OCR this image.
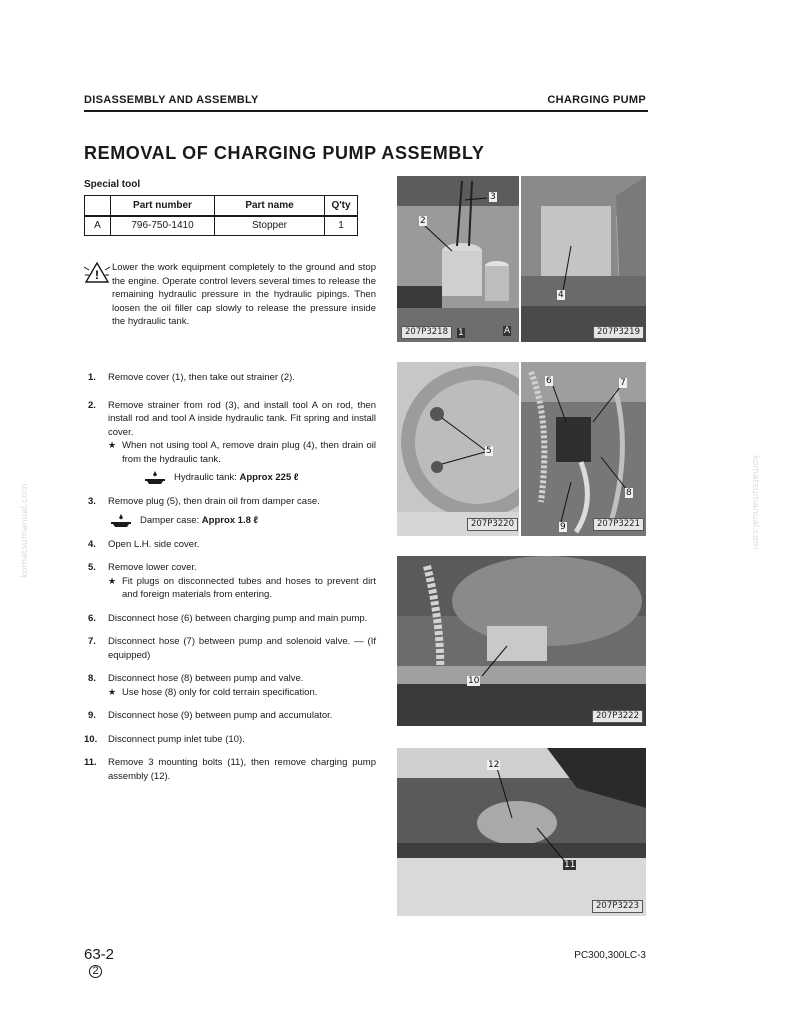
DISASSEMBLY AND ASSEMBLY	CHARGING PUMP
REMOVAL OF CHARGING PUMP ASSEMBLY
Special tool
	Part number	Part name	Q'ty
A	796-750-1410	Stopper	1
!

Lower the work equipment completely to the ground and stop the engine. Operate control levers several times to release the remaining hydraulic pressure in the hydraulic pipings. Then loosen the oil filler cap slowly to release the pressure inside the hydraulic tank.

1. Remove cover (1), then take out strainer (2).
2. Remove strainer from rod (3), and install tool A on rod, then install rod and tool A inside hydraulic tank. Fit spring and install cover.
★ When not using tool A, remove drain plug (4), then drain oil from the hydraulic tank.
Hydraulic tank:
Approx 225 ℓ
3. Remove plug (5), then drain oil from damper case.
Damper case:
Approx 1.8 ℓ
4. Open L.H. side cover.
5. Remove lower cover.
★ Fit plugs on disconnected tubes and hoses to prevent dirt and foreign materials from entering.
6. Disconnect hose (6) between charging pump and main pump.
7. Disconnect hose (7) between pump and solenoid valve. — (If equipped)
8. Disconnect hose (8) between pump and valve.
★ Use hose (8) only for cold terrain specification.
9. Disconnect hose (9) between pump and accumulator.
10. Disconnect pump inlet tube (10).
11. Remove 3 mounting bolts (11), then remove charging pump assembly (12).
3
2
1	A
207P3218
4
207P3219
5
207P3220
6	7
8
9	207P3221
10
207P3222
12
11
207P3223
63-2
2
PC300,300LC-3
komatsumanual.com	komatsumanual.com
